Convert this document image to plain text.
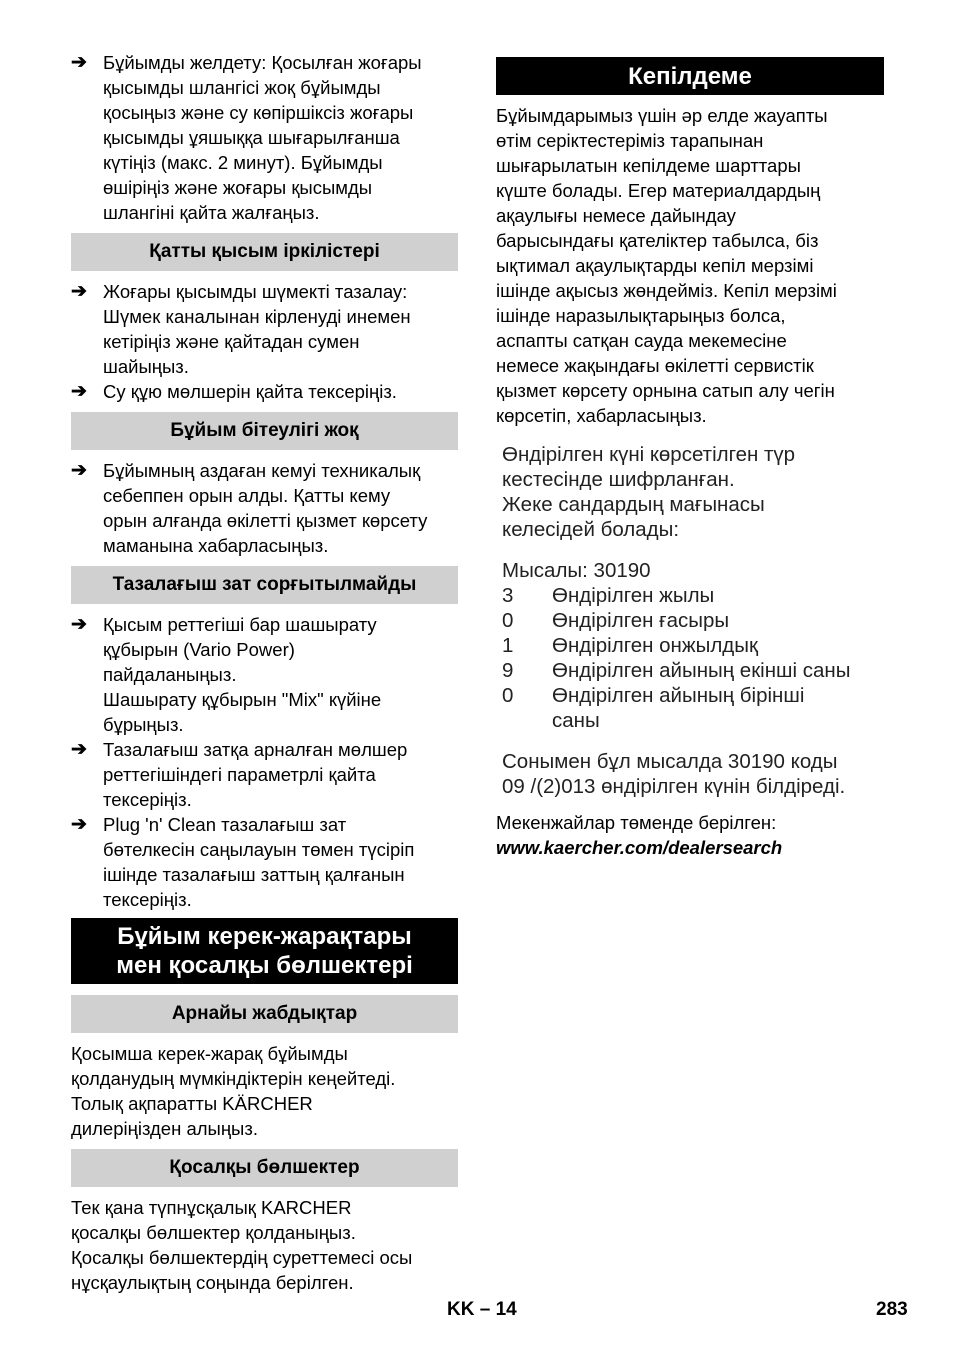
➔ Бұйымды желдету: Қосылған жоғары
қысымды шлангісі жоқ бұйымды
қосыңыз және су көпіршіксіз жоғары
қысымды ұяшыққа шығарылғанша
күтіңіз (макс. 2 минут). Бұйымды
өшіріңіз және жоғары қысымды
шлангіні қайта жалғаңыз.
Қатты қысым іркілістері
➔ Жоғары қысымды шүмекті тазалау:
Шүмек каналынан кірленуді инемен
кетіріңіз және қайтадан сумен
шайыңыз.
➔ Су құю мөлшерін қайта тексеріңіз.
Бұйым бітеулігі жоқ
➔ Бұйымның аздаған кемуі техникалық
себеппен орын алды. Қатты кему
орын алғанда өкілетті қызмет көрсету
маманына хабарласыңыз.
Тазалағыш зат сорғытылмайды
➔ Қысым реттегіші бар шашырату
құбырын (Vario Power)
пайдаланыңыз.
Шашырату құбырын "Mix" күйіне
бұрыңыз.
➔ Тазалағыш затқа арналған мөлшер
реттегішіндегі параметрлі қайта
тексеріңіз.
➔ Plug 'n' Clean тазалағыш зат
бөтелкесін саңылауын төмен түсіріп
ішінде тазалағыш заттың қалғанын
тексеріңіз.
Бұйым керек-жарақтары
мен қосалқы бөлшектері
Арнайы жабдықтар
Қосымша керек-жарақ бұйымды
қолданудың мүмкіндіктерін кеңейтеді.
Толық ақпаратты KÄRCHER
дилеріңізден алыңыз.
Қосалқы бөлшектер
Тек қана түпнұсқалық KARCHER
қосалқы бөлшектер қолданыңыз.
Қосалқы бөлшектердің суреттемесі осы
нұсқаулықтың соңында берілген.
Кепілдеме
Бұйымдарымыз үшін әр елде жауапты
өтім серіктестеріміз тарапынан
шығарылатын кепілдеме шарттары
күште болады. Егер материалдардың
ақаулығы немесе дайындау
барысындағы қателіктер табылса, біз
ықтимал ақаулықтарды кепіл мерзімі
ішінде ақысыз жөндейміз. Кепіл мерзімі
ішінде наразылықтарыңыз болса,
аспапты сатқан сауда мекемесіне
немесе жақындағы өкілетті сервистік
қызмет көрсету орнына сатып алу чегін
көрсетіп, хабарласыңыз.
Өндірілген күні көрсетілген түр
кестесінде шифрланған.
Жеке сандардың мағынасы
келесідей болады:
Мысалы: 30190
3	Өндірілген жылы
0	Өндірілген ғасыры
1	Өндірілген онжылдық
9	Өндірілген айының екінші саны
0	Өндірілген айының бірінші саны
Сонымен бұл мысалда 30190 коды
09 /(2)013 өндірілген күнін білдіреді.
Мекенжайлар төменде берілген:
www.kaercher.com/dealersearch
KK – 14	283
